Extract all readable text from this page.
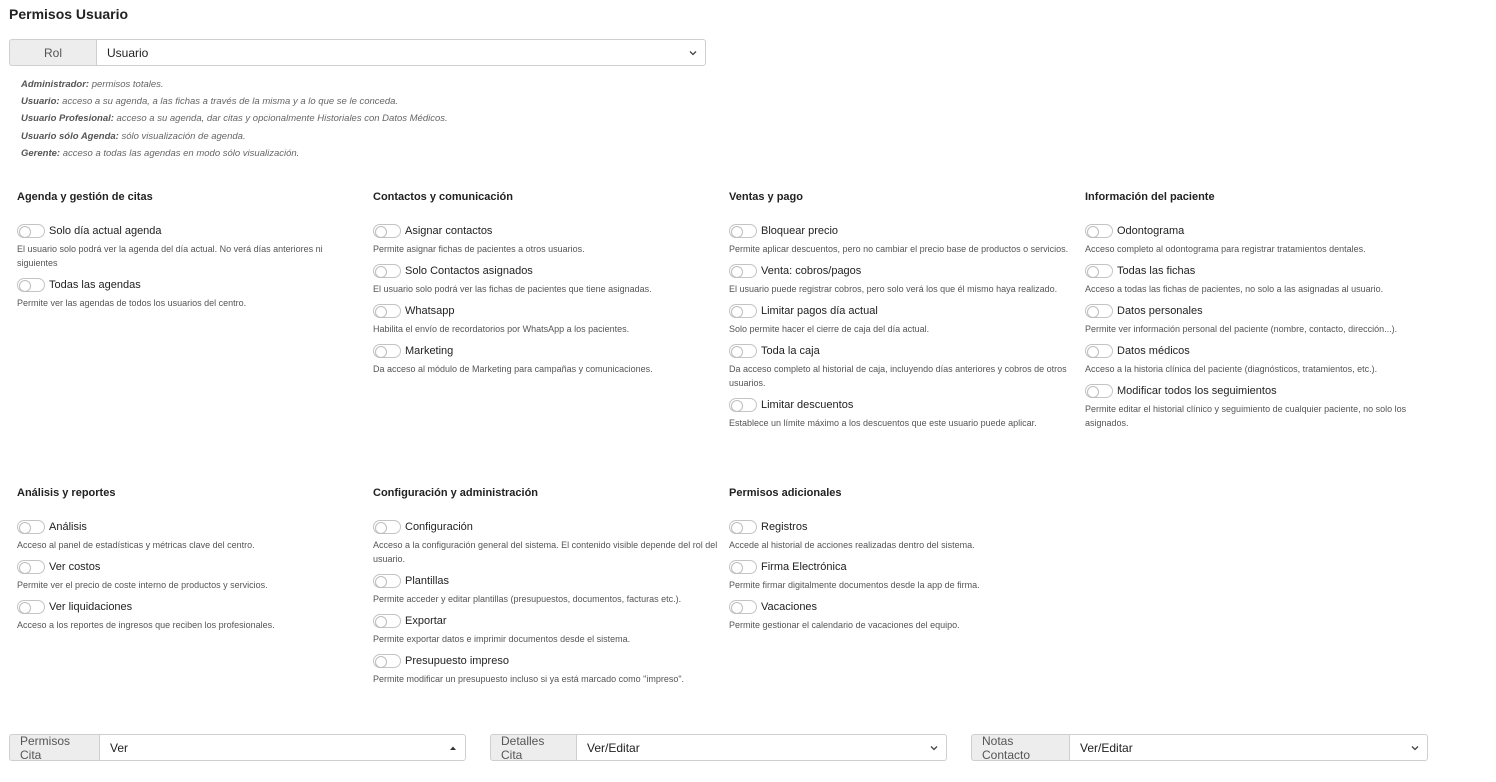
Permisos Usuario
Rol	Usuario
Administrador: permisos totales.
Usuario: acceso a su agenda, a las fichas a través de la misma y a lo que se le conceda.
Usuario Profesional: acceso a su agenda, dar citas y opcionalmente Historiales con Datos Médicos.
Usuario sólo Agenda: sólo visualización de agenda.
Gerente: acceso a todas las agendas en modo sólo visualización.
Agenda y gestión de citas
Solo día actual agenda
El usuario solo podrá ver la agenda del día actual. No verá días anteriores ni siguientes
Todas las agendas
Permite ver las agendas de todos los usuarios del centro.
Contactos y comunicación
Asignar contactos
Permite asignar fichas de pacientes a otros usuarios.
Solo Contactos asignados
El usuario solo podrá ver las fichas de pacientes que tiene asignadas.
Whatsapp
Habilita el envío de recordatorios por WhatsApp a los pacientes.
Marketing
Da acceso al módulo de Marketing para campañas y comunicaciones.
Ventas y pago
Bloquear precio
Permite aplicar descuentos, pero no cambiar el precio base de productos o servicios.
Venta: cobros/pagos
El usuario puede registrar cobros, pero solo verá los que él mismo haya realizado.
Limitar pagos día actual
Solo permite hacer el cierre de caja del día actual.
Toda la caja
Da acceso completo al historial de caja, incluyendo días anteriores y cobros de otros usuarios.
Limitar descuentos
Establece un límite máximo a los descuentos que este usuario puede aplicar.
Información del paciente
Odontograma
Acceso completo al odontograma para registrar tratamientos dentales.
Todas las fichas
Acceso a todas las fichas de pacientes, no solo a las asignadas al usuario.
Datos personales
Permite ver información personal del paciente (nombre, contacto, dirección...).
Datos médicos
Acceso a la historia clínica del paciente (diagnósticos, tratamientos, etc.).
Modificar todos los seguimientos
Permite editar el historial clínico y seguimiento de cualquier paciente, no solo los asignados.
Análisis y reportes
Análisis
Acceso al panel de estadísticas y métricas clave del centro.
Ver costos
Permite ver el precio de coste interno de productos y servicios.
Ver liquidaciones
Acceso a los reportes de ingresos que reciben los profesionales.
Configuración y administración
Configuración
Acceso a la configuración general del sistema. El contenido visible depende del rol del usuario.
Plantillas
Permite acceder y editar plantillas (presupuestos, documentos, facturas etc.).
Exportar
Permite exportar datos e imprimir documentos desde el sistema.
Presupuesto impreso
Permite modificar un presupuesto incluso si ya está marcado como "impreso".
Permisos adicionales
Registros
Accede al historial de acciones realizadas dentro del sistema.
Firma Electrónica
Permite firmar digitalmente documentos desde la app de firma.
Vacaciones
Permite gestionar el calendario de vacaciones del equipo.
Permisos Cita	Ver	Detalles Cita	Ver/Editar	Notas Contacto	Ver/Editar
